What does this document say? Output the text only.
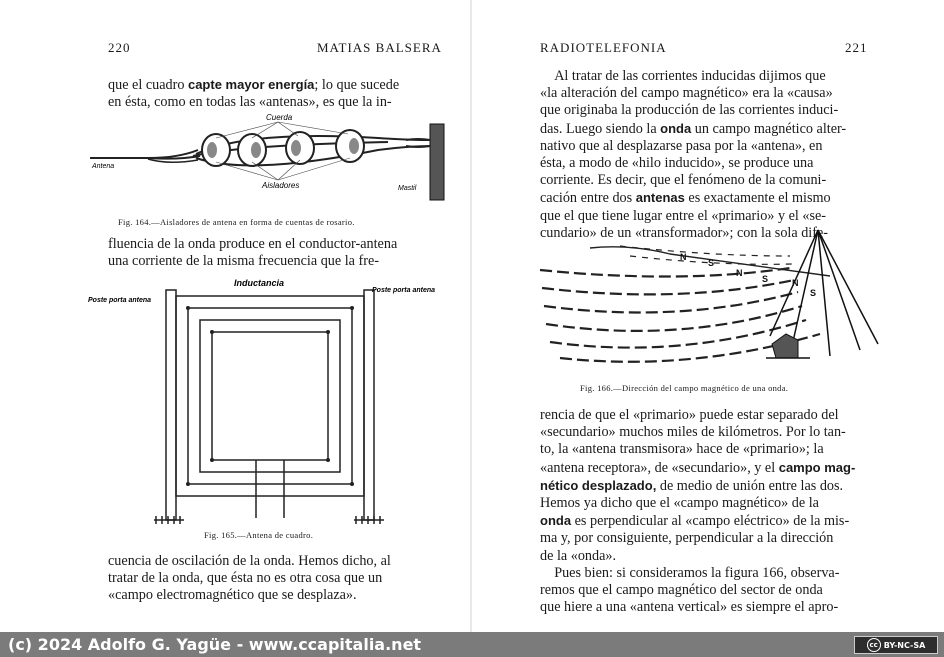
220	MATIAS BALSERA
que el cuadro capte mayor energía; lo que sucede
en ésta, como en todas las «antenas», es que la in-
Cuerda
Antena
Aisladores	Mastil
Fig. 164.—Aisladores de antena en forma de cuentas de rosario.
fluencia de la onda produce en el conductor-antena
una corriente de la misma frecuencia que la fre-
Inductancia
Poste porta antena
Poste porta antena
Fig. 165.—Antena de cuadro.
cuencia de oscilación de la onda. Hemos dicho, al
tratar de la onda, que ésta no es otra cosa que un
«campo electromagnético que se desplaza».
RADIOTELEFONIA	221
Al tratar de las corrientes inducidas dijimos que
«la alteración del campo magnético» era la «causa»
que originaba la producción de las corrientes induci-
das. Luego siendo la onda un campo magnético alter-
nativo que al desplazarse pasa por la «antena», en
ésta, a modo de «hilo inducido», se produce una
corriente. Es decir, que el fenómeno de la comuni-
cación entre dos antenas es exactamente el mismo
que el que tiene lugar entre el «primario» y el «se-
cundario» de un «transformador»; con la sola dife-
N
S
N
S	N
S
Fig. 166.—Dirección del campo magnético de una onda.
rencia de que el «primario» puede estar separado del
«secundario» muchos miles de kilómetros. Por lo tan-
to, la «antena transmisora» hace de «primario»; la
«antena receptora», de «secundario», y el campo mag-
nético desplazado, de medio de unión entre las dos.
Hemos ya dicho que el «campo magnético» de la
onda es perpendicular al «campo eléctrico» de la mis-
ma y, por consiguiente, perpendicular a la dirección
de la «onda».
Pues bien: si consideramos la figura 166, observa-
remos que el campo magnético del sector de onda
que hiere a una «antena vertical» es siempre el apro-
(c) 2024 Adolfo G. Yagüe - www.ccapitalia.net	cc BY-NC-SA
